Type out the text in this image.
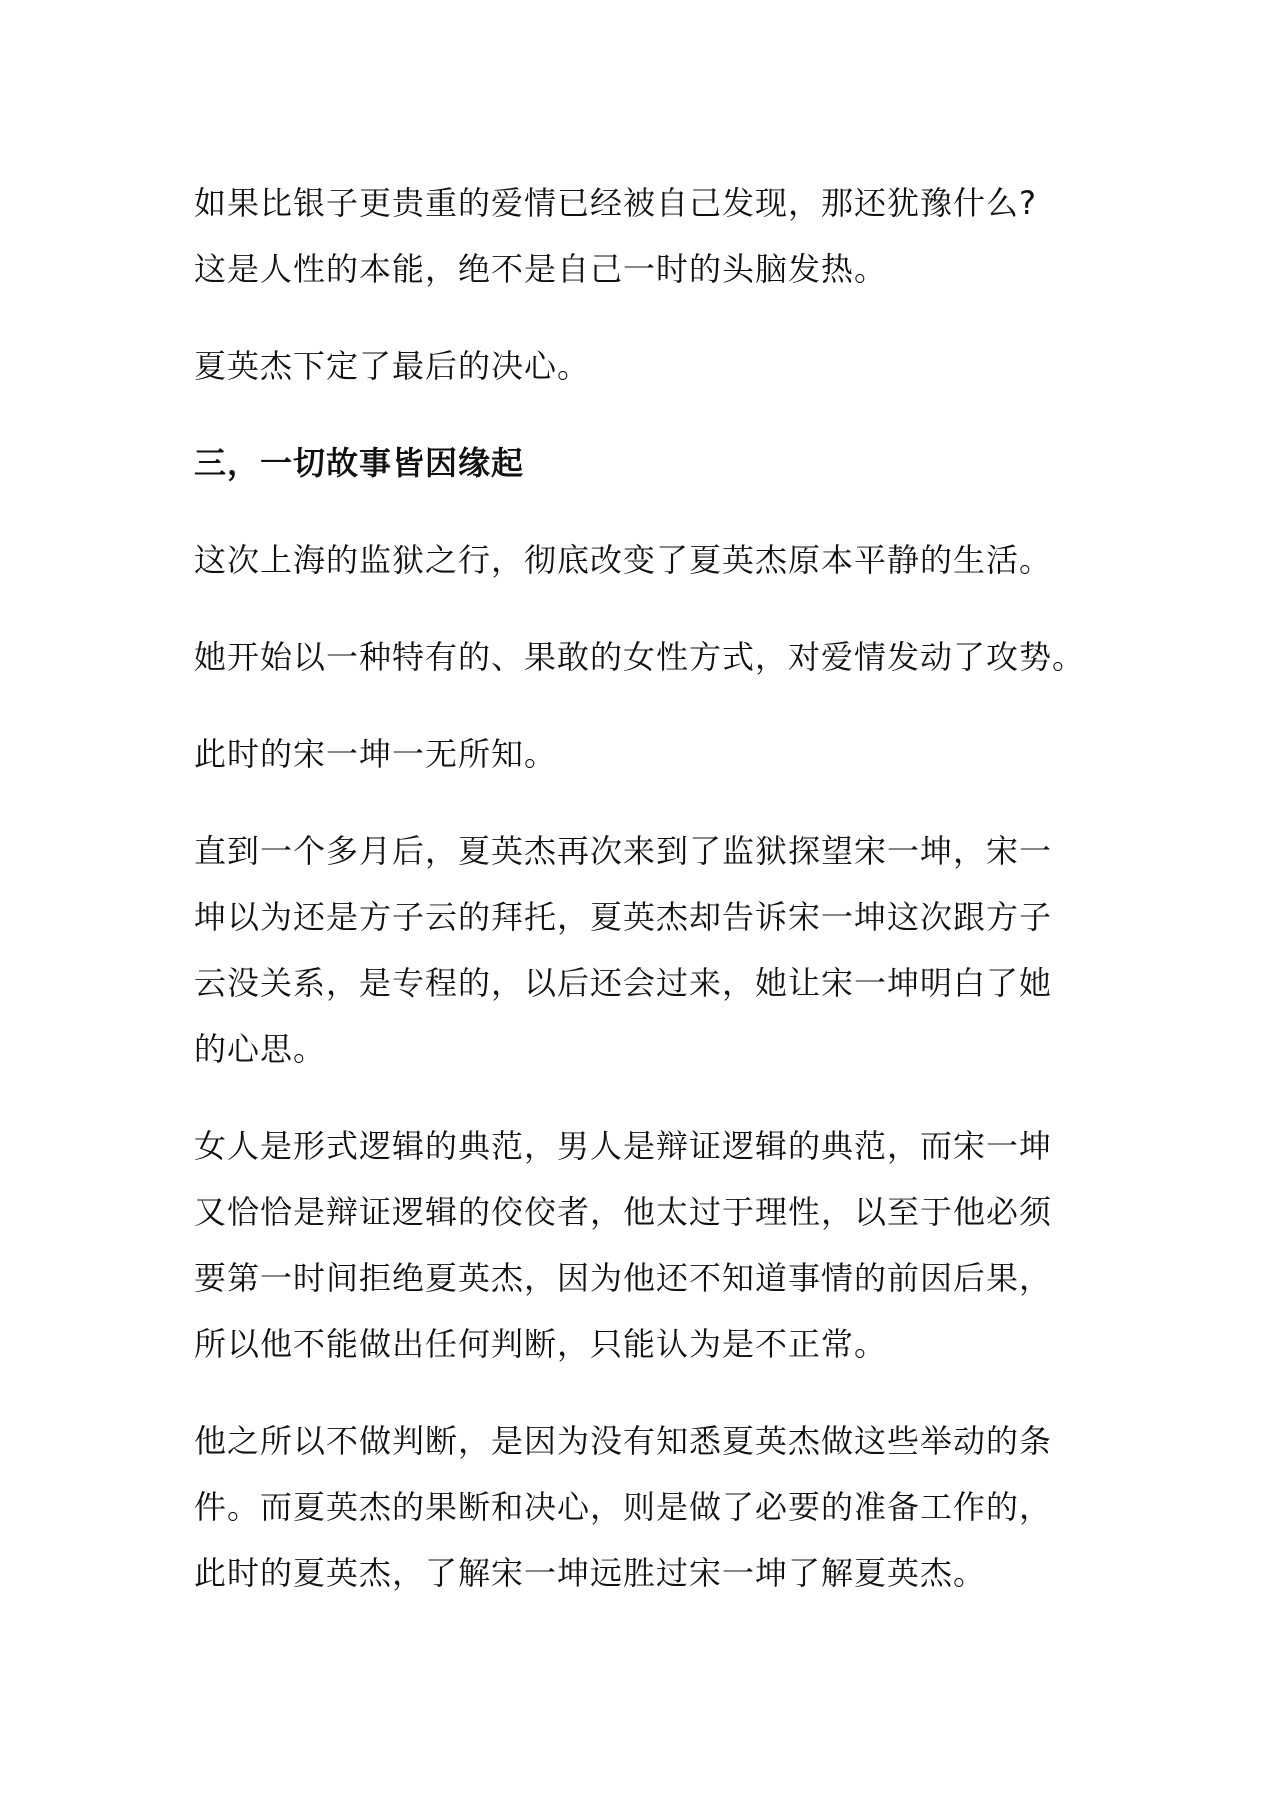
如果比银子更贵重的爱情已经被自己发现，那还犹豫什么?
这是人性的本能，绝不是自己一时的头脑发热。

夏英杰下定了最后的决心。

三，一切故事皆因缘起

这次上海的监狱之行，彻底改变了夏英杰原本平静的生活。

她开始以一种特有的、果敢的女性方式，对爱情发动了攻势。

此时的宋一坤一无所知。

直到一个多月后，夏英杰再次来到了监狱探望宋一坤，宋一
坤以为还是方子云的拜托，夏英杰却告诉宋一坤这次跟方子
云没关系，是专程的，以后还会过来，她让宋一坤明白了她
的心思。

女人是形式逻辑的典范，男人是辩证逻辑的典范，而宋一坤
又恰恰是辩证逻辑的佼佼者，他太过于理性，以至于他必须
要第一时间拒绝夏英杰，因为他还不知道事情的前因后果，
所以他不能做出任何判断，只能认为是不正常。

他之所以不做判断，是因为没有知悉夏英杰做这些举动的条
件。而夏英杰的果断和决心，则是做了必要的准备工作的，
此时的夏英杰，了解宋一坤远胜过宋一坤了解夏英杰。
